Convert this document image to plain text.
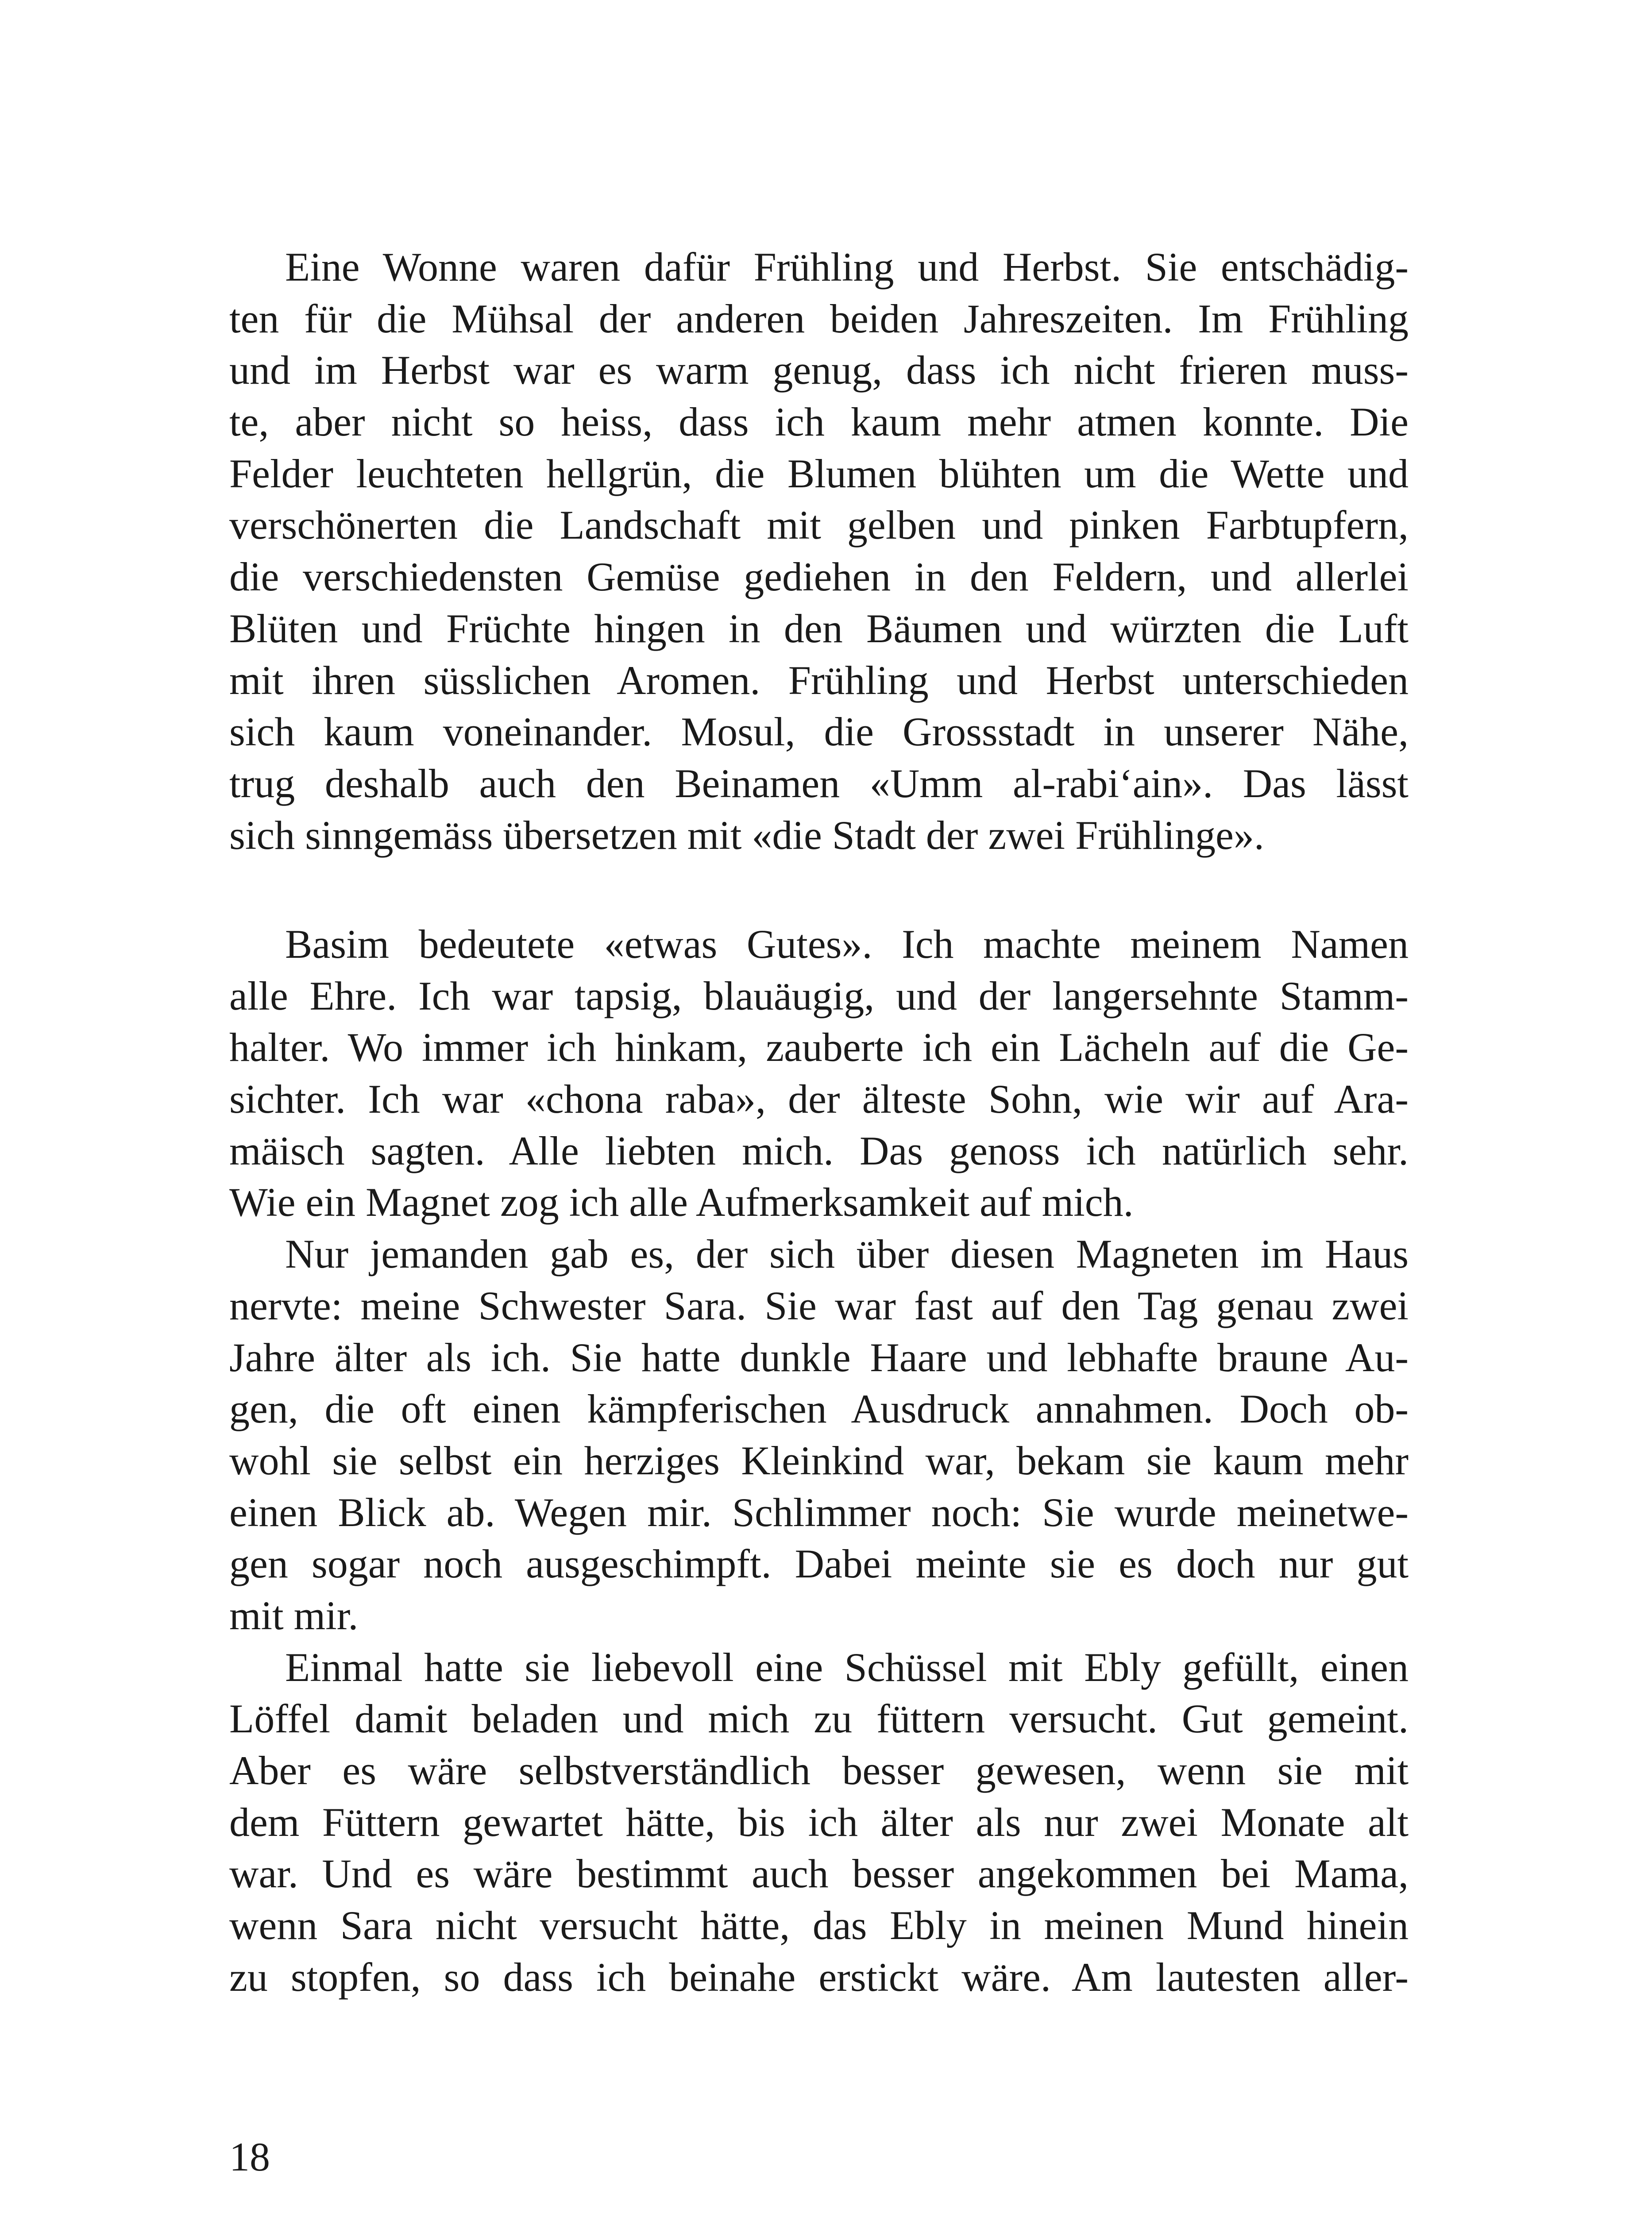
Eine Wonne waren dafür Frühling und Herbst. Sie entschädig-
ten für die Mühsal der anderen beiden Jahreszeiten. Im Frühling
und im Herbst war es warm genug, dass ich nicht frieren muss-
te, aber nicht so heiss, dass ich kaum mehr atmen konnte. Die
Felder leuchteten hellgrün, die Blumen blühten um die Wette und
verschönerten die Landschaft mit gelben und pinken Farbtupfern,
die verschiedensten Gemüse gediehen in den Feldern, und allerlei
Blüten und Früchte hingen in den Bäumen und würzten die Luft
mit ihren süsslichen Aromen. Frühling und Herbst unterschieden
sich kaum voneinander. Mosul, die Grossstadt in unserer Nähe,
trug deshalb auch den Beinamen «Umm al-rabi‘ain». Das lässt
sich sinngemäss übersetzen mit «die Stadt der zwei Frühlinge».
Basim bedeutete «etwas Gutes». Ich machte meinem Namen
alle Ehre. Ich war tapsig, blauäugig, und der langersehnte Stamm-
halter. Wo immer ich hinkam, zauberte ich ein Lächeln auf die Ge-
sichter. Ich war «chona raba», der älteste Sohn, wie wir auf Ara-
mäisch sagten. Alle liebten mich. Das genoss ich natürlich sehr.
Wie ein Magnet zog ich alle Aufmerksamkeit auf mich.
Nur jemanden gab es, der sich über diesen Magneten im Haus
nervte: meine Schwester Sara. Sie war fast auf den Tag genau zwei
Jahre älter als ich. Sie hatte dunkle Haare und lebhafte braune Au-
gen, die oft einen kämpferischen Ausdruck annahmen. Doch ob-
wohl sie selbst ein herziges Kleinkind war, bekam sie kaum mehr
einen Blick ab. Wegen mir. Schlimmer noch: Sie wurde meinetwe-
gen sogar noch ausgeschimpft. Dabei meinte sie es doch nur gut
mit mir.
Einmal hatte sie liebevoll eine Schüssel mit Ebly gefüllt, einen
Löffel damit beladen und mich zu füttern versucht. Gut gemeint.
Aber es wäre selbstverständlich besser gewesen, wenn sie mit
dem Füttern gewartet hätte, bis ich älter als nur zwei Monate alt
war. Und es wäre bestimmt auch besser angekommen bei Mama,
wenn Sara nicht versucht hätte, das Ebly in meinen Mund hinein
zu stopfen, so dass ich beinahe erstickt wäre. Am lautesten aller-
18
